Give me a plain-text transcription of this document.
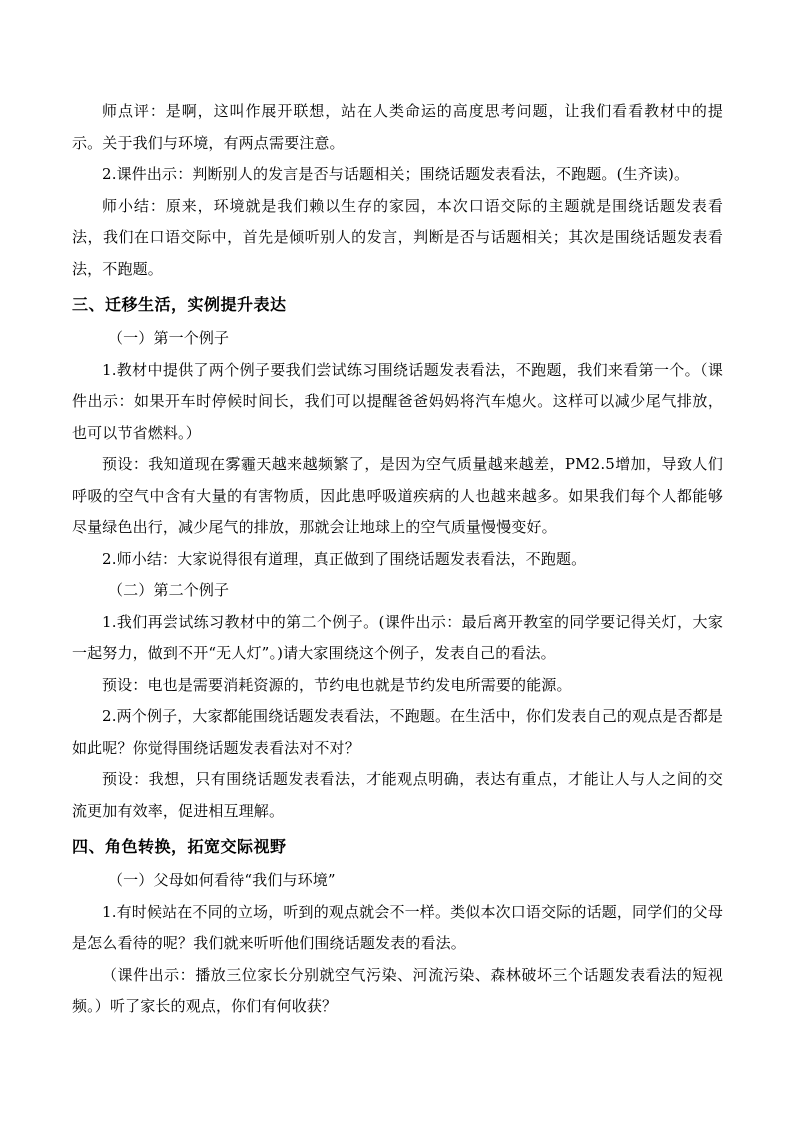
师点评：是啊，这叫作展开联想，站在人类命运的高度思考问题，让我们看看教材中的提示。关于我们与环境，有两点需要注意。

2.课件出示：判断别人的发言是否与话题相关；围绕话题发表看法，不跑题。(生齐读)。

师小结：原来，环境就是我们赖以生存的家园，本次口语交际的主题就是围绕话题发表看法，我们在口语交际中，首先是倾听别人的发言，判断是否与话题相关；其次是围绕话题发表看法，不跑题。

三、迁移生活，实例提升表达

（一）第一个例子

1.教材中提供了两个例子要我们尝试练习围绕话题发表看法，不跑题，我们来看第一个。（课件出示：如果开车时停候时间长，我们可以提醒爸爸妈妈将汽车熄火。这样可以减少尾气排放，也可以节省燃料。）

预设：我知道现在雾霾天越来越频繁了，是因为空气质量越来越差，PM2.5增加，导致人们呼吸的空气中含有大量的有害物质，因此患呼吸道疾病的人也越来越多。如果我们每个人都能够尽量绿色出行，减少尾气的排放，那就会让地球上的空气质量慢慢变好。

2.师小结：大家说得很有道理，真正做到了围绕话题发表看法，不跑题。

（二）第二个例子

1.我们再尝试练习教材中的第二个例子。(课件出示：最后离开教室的同学要记得关灯，大家一起努力，做到不开“无人灯”。)请大家围绕这个例子，发表自己的看法。

预设：电也是需要消耗资源的，节约电也就是节约发电所需要的能源。

2.两个例子，大家都能围绕话题发表看法，不跑题。在生活中，你们发表自己的观点是否都是如此呢？你觉得围绕话题发表看法对不对？

预设：我想，只有围绕话题发表看法，才能观点明确，表达有重点，才能让人与人之间的交流更加有效率，促进相互理解。

四、角色转换，拓宽交际视野

（一）父母如何看待“我们与环境”

1.有时候站在不同的立场，听到的观点就会不一样。类似本次口语交际的话题，同学们的父母是怎么看待的呢？我们就来听听他们围绕话题发表的看法。

（课件出示：播放三位家长分别就空气污染、河流污染、森林破坏三个话题发表看法的短视频。）听了家长的观点，你们有何收获？
